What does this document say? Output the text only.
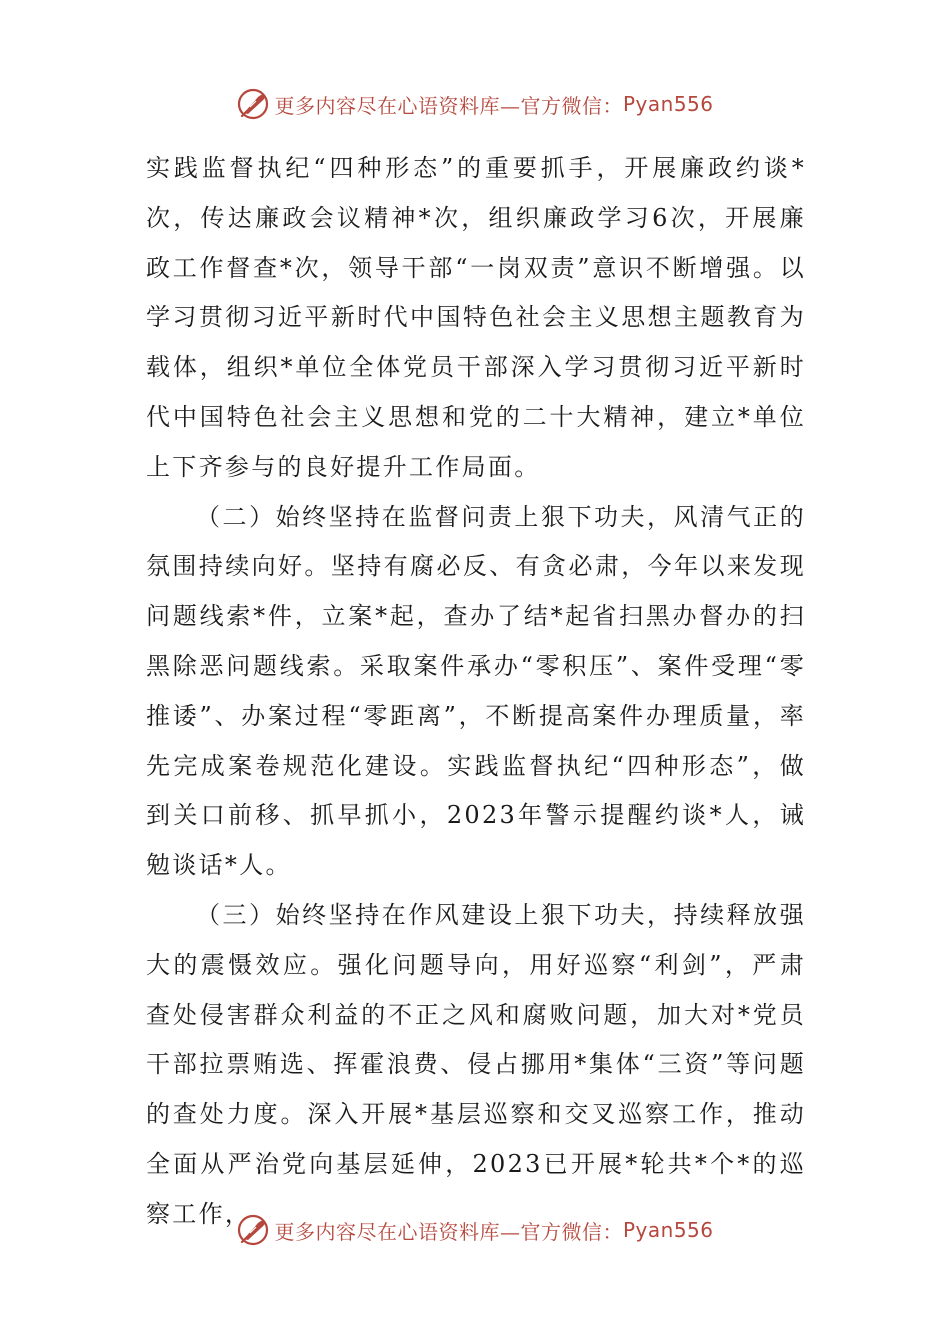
更多内容尽在心语资料库—官方微信： Pyan556

实践监督执纪“四种形态”的重要抓手，开展廉政约谈*次，传达廉政会议精神*次，组织廉政学习6次，开展廉政工作督查*次，领导干部“一岗双责”意识不断增强。以学习贯彻习近平新时代中国特色社会主义思想主题教育为载体，组织*单位全体党员干部深入学习贯彻习近平新时代中国特色社会主义思想和党的二十大精神，建立*单位上下齐参与的良好提升工作局面。

（二）始终坚持在监督问责上狠下功夫，风清气正的氛围持续向好。坚持有腐必反、有贪必肃，今年以来发现问题线索*件，立案*起，查办了结*起省扫黑办督办的扫黑除恶问题线索。采取案件承办“零积压”、案件受理“零推诿”、办案过程“零距离”，不断提高案件办理质量，率先完成案卷规范化建设。实践监督执纪“四种形态”，做到关口前移、抓早抓小，2023年警示提醒约谈*人，诫勉谈话*人。

（三）始终坚持在作风建设上狠下功夫，持续释放强大的震慑效应。强化问题导向，用好巡察“利剑”，严肃查处侵害群众利益的不正之风和腐败问题，加大对*党员干部拉票贿选、挥霍浪费、侵占挪用*集体“三资”等问题的查处力度。深入开展*基层巡察和交叉巡察工作，推动全面从严治党向基层延伸，2023已开展*轮共*个*的巡察工作，

更多内容尽在心语资料库—官方微信： Pyan556
